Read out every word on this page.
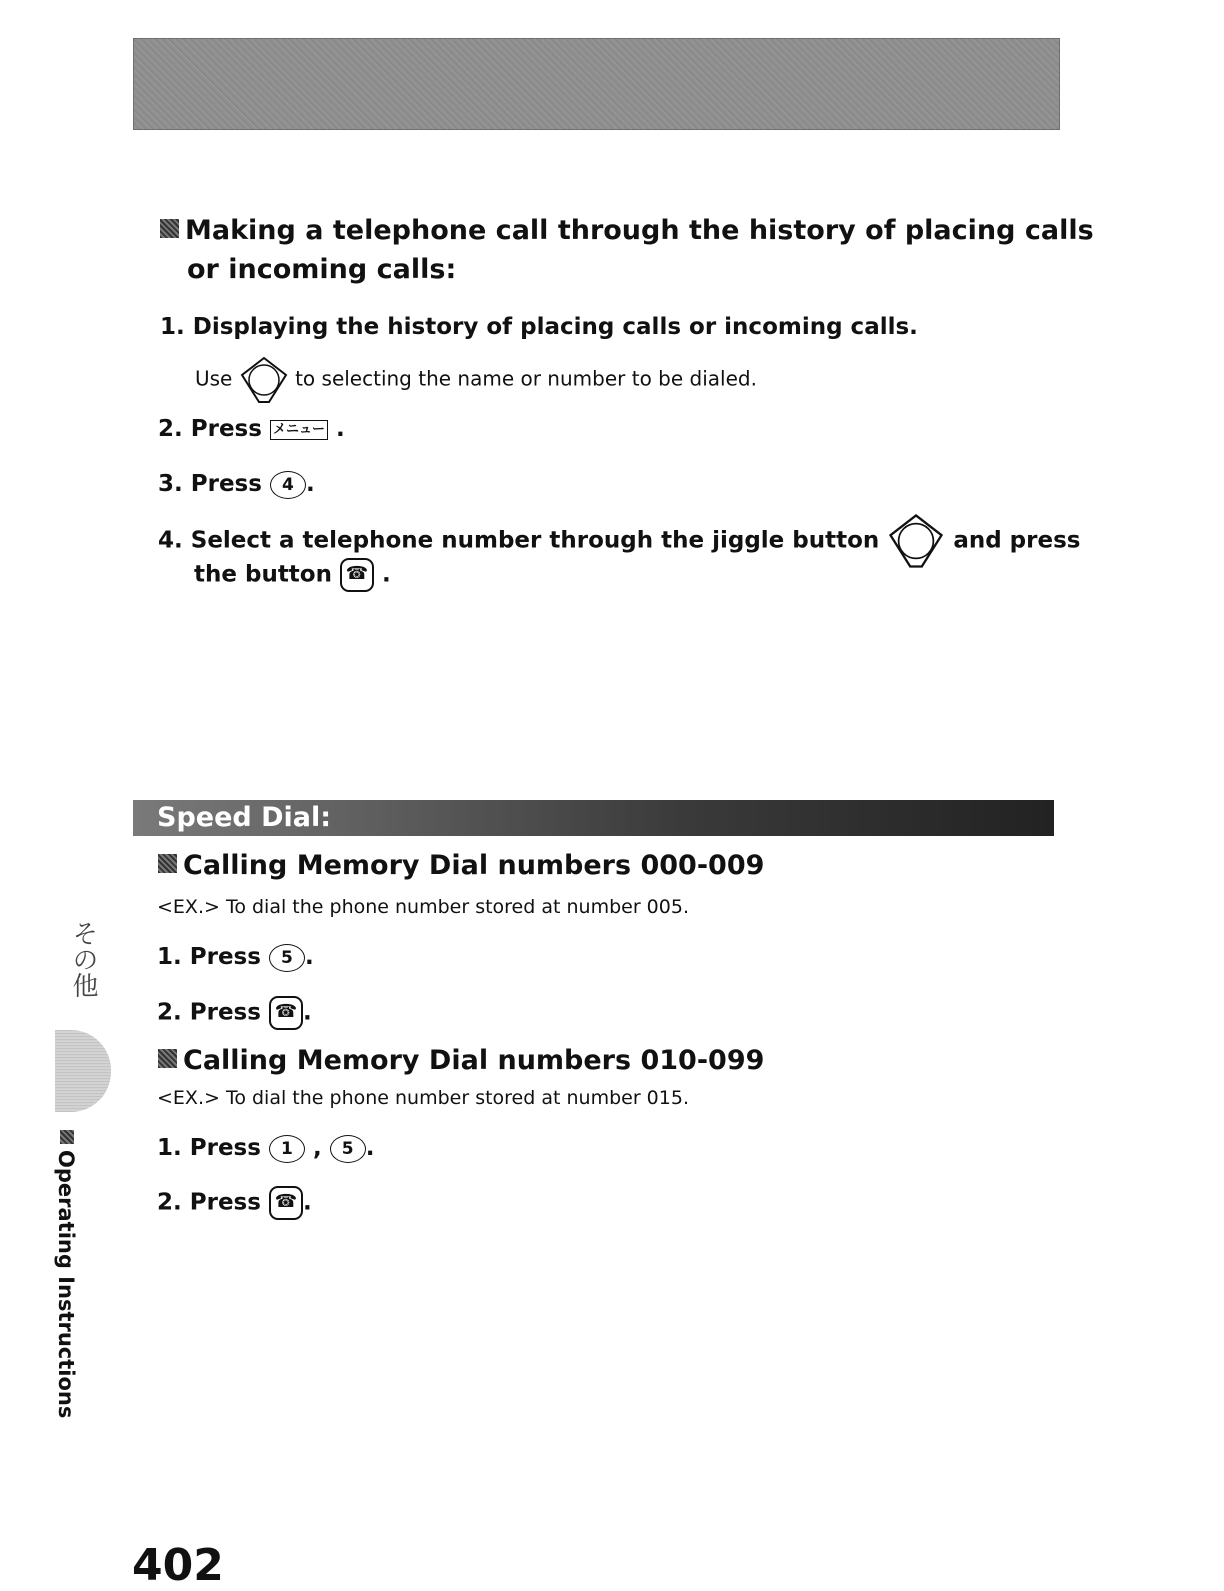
Making a telephone call through the history of placing calls
or incoming calls:
1. Displaying the history of placing calls or incoming calls.
Use	to selecting the name or number to be dialed.
2. Press メニュー .
3. Press 4 .
4. Select a telephone number through the jiggle button	and press
the button ☎ .
Speed Dial:
Calling Memory Dial numbers 000-009
<EX.> To dial the phone number stored at number 005.
1. Press 5 .
2. Press ☎ .
Calling Memory Dial numbers 010-099
<EX.> To dial the phone number stored at number 015.
1. Press 1 , 5 .
2. Press ☎ .
その他
Operating Instructions
402
